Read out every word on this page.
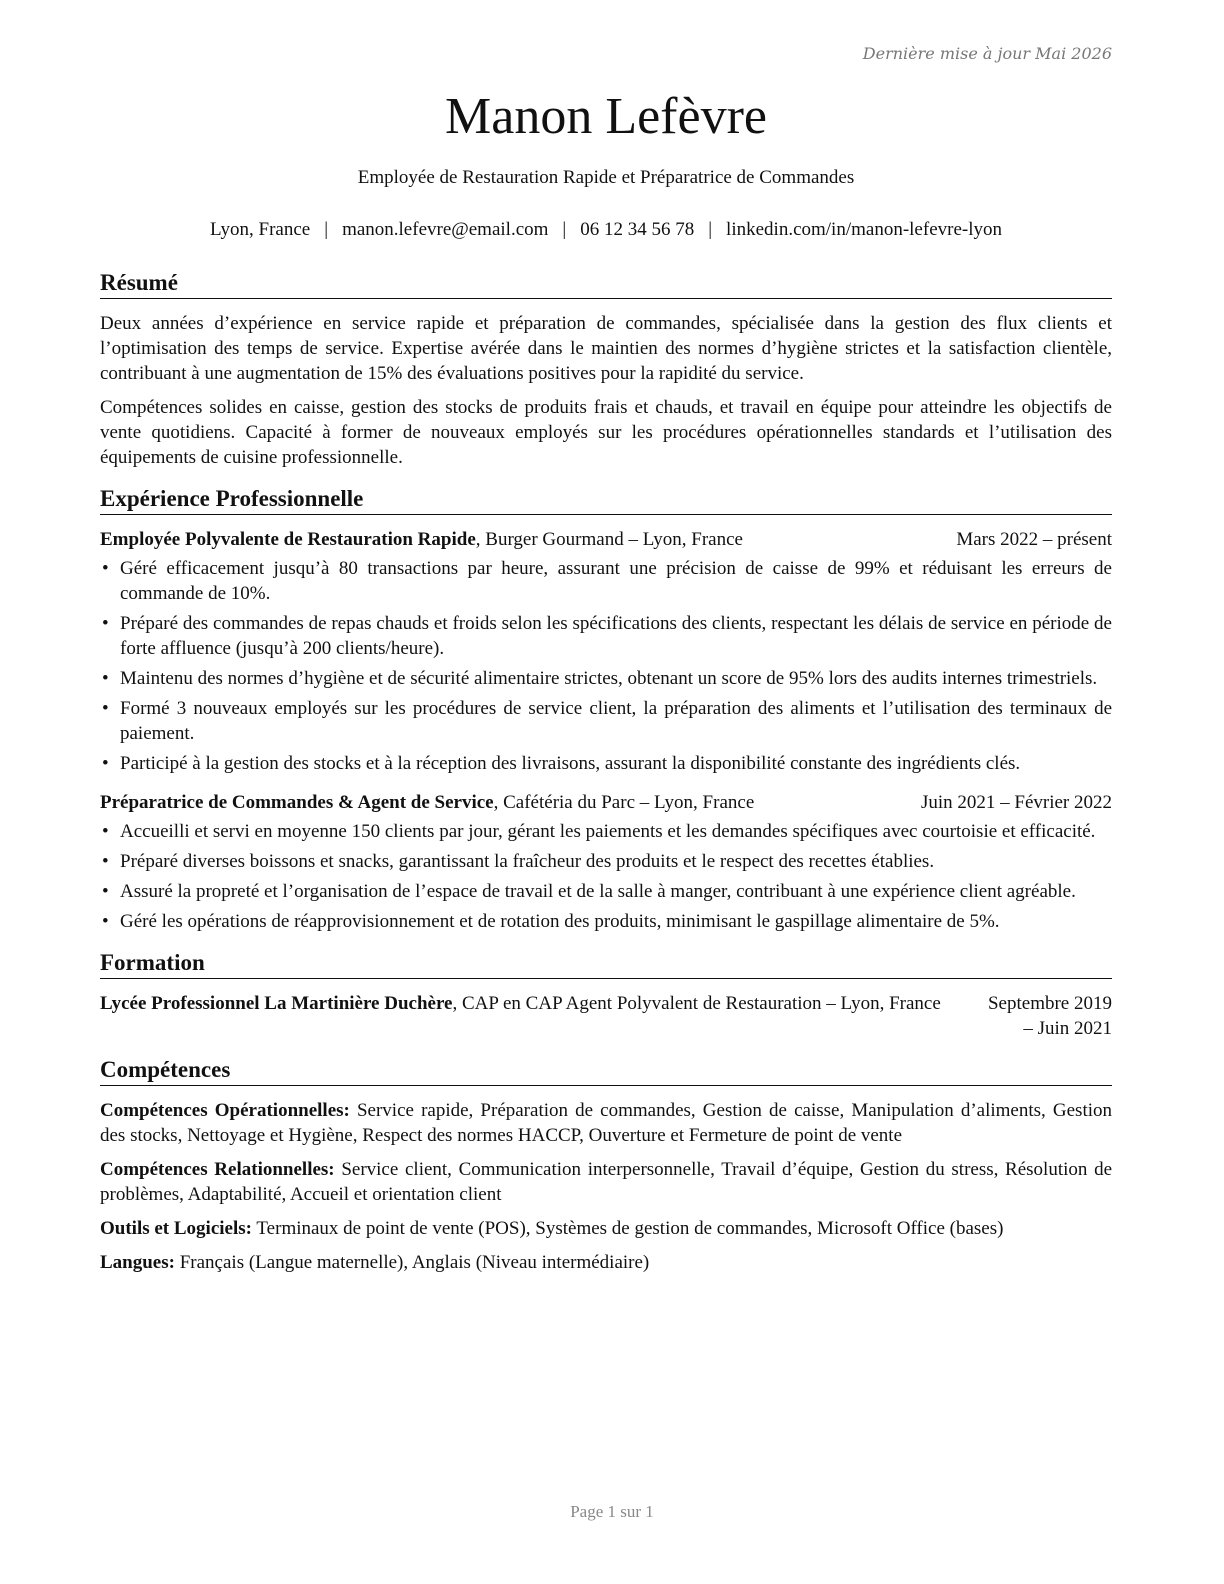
Dernière mise à jour Mai 2026
Manon Lefèvre
Employée de Restauration Rapide et Préparatrice de Commandes
Lyon, France | manon.lefevre@email.com | 06 12 34 56 78 | linkedin.com/in/manon-lefevre-lyon
Résumé

Deux années d’expérience en service rapide et préparation de commandes, spécialisée dans la gestion des flux clients et l’optimisation des temps de service. Expertise avérée dans le maintien des normes d’hygiène strictes et la satisfaction clientèle, contribuant à une augmentation de 15% des évaluations positives pour la rapidité du service.

Compétences solides en caisse, gestion des stocks de produits frais et chauds, et travail en équipe pour atteindre les objectifs de vente quotidiens. Capacité à former de nouveaux employés sur les procédures opérationnelles standards et l’utilisation des équipements de cuisine professionnelle.

Expérience Professionnelle
Employée Polyvalente de Restauration Rapide, Burger Gourmand – Lyon, France	Mars 2022 – présent
• Géré efficacement jusqu’à 80 transactions par heure, assurant une précision de caisse de 99% et réduisant les erreurs de commande de 10%.
• Préparé des commandes de repas chauds et froids selon les spécifications des clients, respectant les délais de service en période de forte affluence (jusqu’à 200 clients/heure).
• Maintenu des normes d’hygiène et de sécurité alimentaire strictes, obtenant un score de 95% lors des audits internes trimestriels.
• Formé 3 nouveaux employés sur les procédures de service client, la préparation des aliments et l’utilisation des terminaux de paiement.
• Participé à la gestion des stocks et à la réception des livraisons, assurant la disponibilité constante des ingrédients clés.
Préparatrice de Commandes & Agent de Service, Cafétéria du Parc – Lyon, France	Juin 2021 – Février 2022
• Accueilli et servi en moyenne 150 clients par jour, gérant les paiements et les demandes spécifiques avec courtoisie et efficacité.
• Préparé diverses boissons et snacks, garantissant la fraîcheur des produits et le respect des recettes établies.
• Assuré la propreté et l’organisation de l’espace de travail et de la salle à manger, contribuant à une expérience client agréable.
• Géré les opérations de réapprovisionnement et de rotation des produits, minimisant le gaspillage alimentaire de 5%.
Formation
Lycée Professionnel La Martinière Duchère, CAP en CAP Agent Polyvalent de Restauration – Lyon, France	Septembre 2019 – Juin 2021
Compétences

Compétences Opérationnelles: Service rapide, Préparation de commandes, Gestion de caisse, Manipulation d’aliments, Gestion des stocks, Nettoyage et Hygiène, Respect des normes HACCP, Ouverture et Fermeture de point de vente

Compétences Relationnelles: Service client, Communication interpersonnelle, Travail d’équipe, Gestion du stress, Résolution de problèmes, Adaptabilité, Accueil et orientation client

Outils et Logiciels: Terminaux de point de vente (POS), Systèmes de gestion de commandes, Microsoft Office (bases)

Langues: Français (Langue maternelle), Anglais (Niveau intermédiaire)

Page 1 sur 1
